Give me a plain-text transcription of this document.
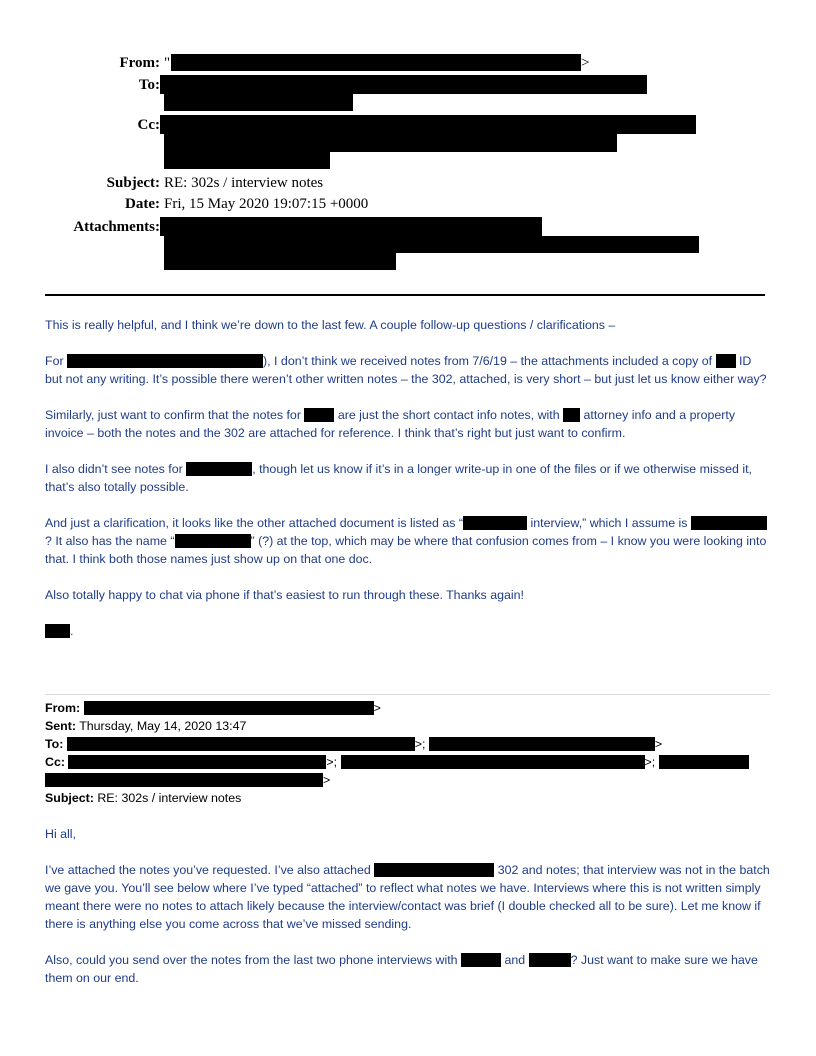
From: "	>
To:
Cc:
Subject: RE: 302s / interview notes
Date: Fri, 15 May 2020 19:07:15 +0000
Attachments:

This is really helpful, and I think we’re down to the last few. A couple follow-up questions / clarifications –

For	), I don’t think we received notes from 7/6/19 – the attachments included a copy of  ID but not any writing. It’s possible there weren’t other written notes – the 302, attached, is very short – but just let us know either way?

Similarly, just want to confirm that the notes for  are just the short contact info notes, with  attorney info and a property invoice – both the notes and the 302 are attached for reference. I think that’s right but just want to confirm.

I also didn’t see notes for	, though let us know if it’s in a longer write-up in one of the files or if we otherwise missed it, that’s also totally possible.

And just a clarification, it looks like the other attached document is listed as “	interview,” which I assume is ? It also has the name “	” (?) at the top, which may be where that confusion comes from – I know you were looking into that. I think both those names just show up on that one doc.

Also totally happy to chat via phone if that’s easiest to run through these. Thanks again!

.

From:	>
Sent: Thursday, May 14, 2020 13:47
To:	>;	>
Cc:	>;	>;
>
Subject: RE: 302s / interview notes

Hi all,

I’ve attached the notes you’ve requested. I’ve also attached	302 and notes; that interview was not in the batch we gave you. You’ll see below where I’ve typed “attached” to reflect what notes we have. Interviews where this is not written simply meant there were no notes to attach likely because the interview/contact was brief (I double checked all to be sure). Let me know if there is anything else you come across that we’ve missed sending.

Also, could you send over the notes from the last two phone interviews with	and	? Just want to make sure we have them on our end.
